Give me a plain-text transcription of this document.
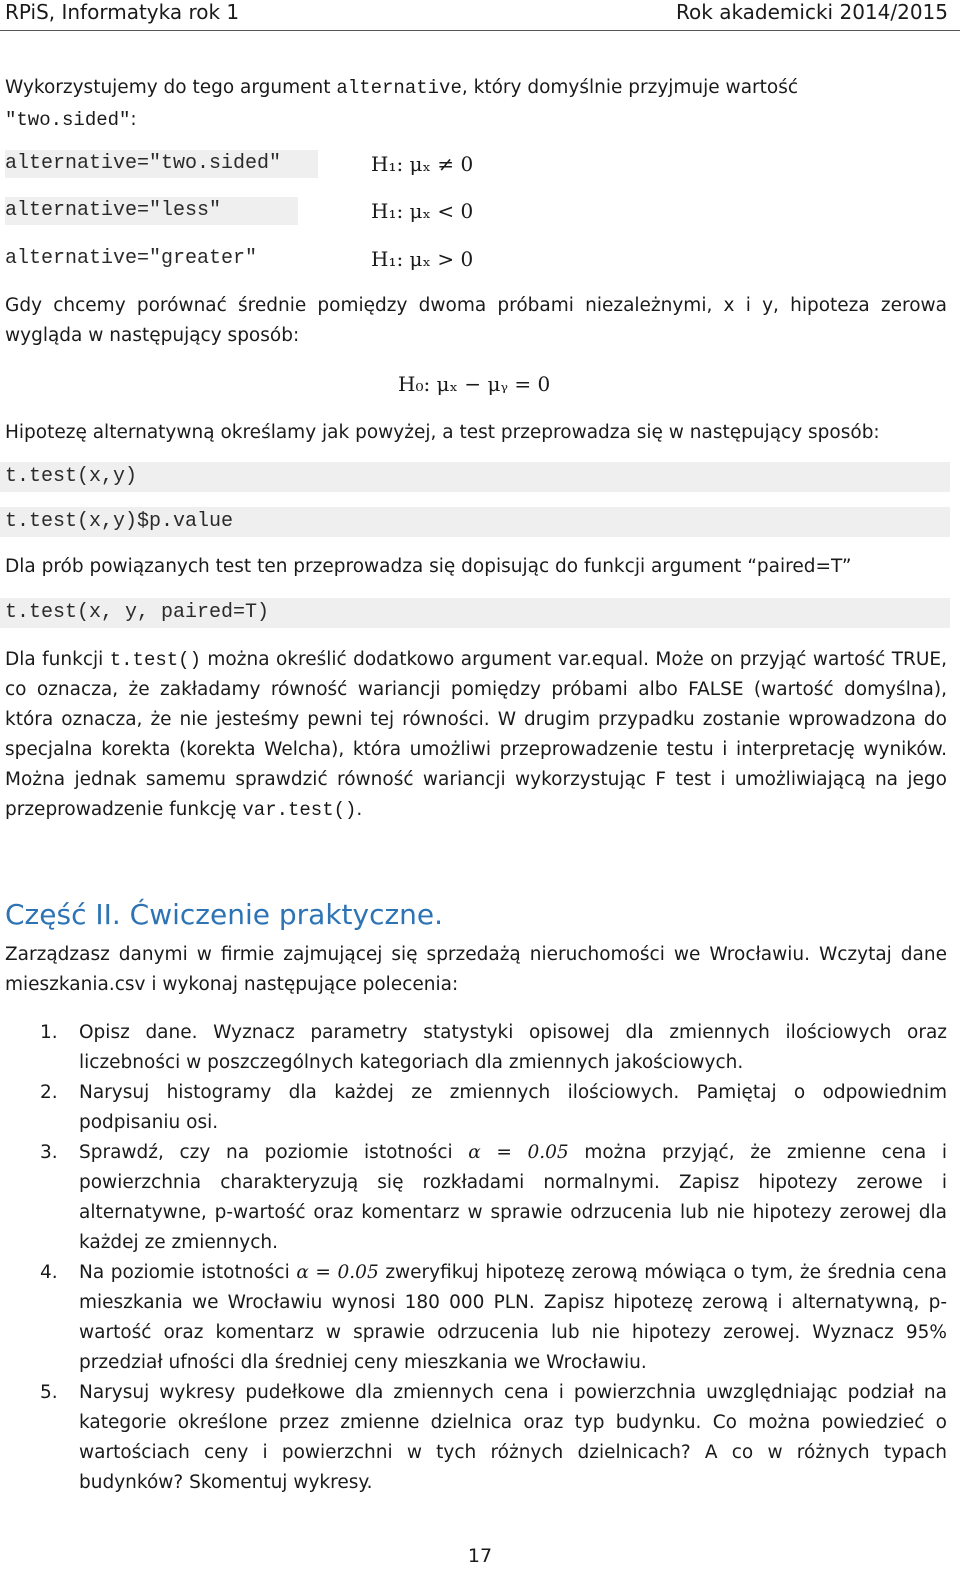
RPiS, Informatyka rok 1	Rok akademicki 2014/2015
Wykorzystujemy do tego argument alternative, który domyślnie przyjmuje wartość
"two.sided":
alternative="two.sided"	H₁: μₓ ≠ 0
alternative="less"	H₁: μₓ < 0
alternative="greater"	H₁: μₓ > 0
Gdy chcemy porównać średnie pomiędzy dwoma próbami niezależnymi, x i y, hipoteza zerowa wygląda w następujący sposób:
H₀: μₓ − μᵧ = 0
Hipotezę alternatywną określamy jak powyżej, a test przeprowadza się w następujący sposób:
t.test(x,y)
t.test(x,y)$p.value
Dla prób powiązanych test ten przeprowadza się dopisując do funkcji argument “paired=T”
t.test(x, y, paired=T)
Dla funkcji t.test() można określić dodatkowo argument var.equal. Może on przyjąć wartość TRUE, co oznacza, że zakładamy równość wariancji pomiędzy próbami albo FALSE (wartość domyślna), która oznacza, że nie jesteśmy pewni tej równości. W drugim przypadku zostanie wprowadzona do specjalna korekta (korekta Welcha), która umożliwi przeprowadzenie testu i interpretację wyników. Można jednak samemu sprawdzić równość wariancji wykorzystując F test i umożliwiającą na jego przeprowadzenie funkcję var.test().
Część II. Ćwiczenie praktyczne.
Zarządzasz danymi w firmie zajmującej się sprzedażą nieruchomości we Wrocławiu. Wczytaj dane mieszkania.csv i wykonaj następujące polecenia:
1. Opisz dane. Wyznacz parametry statystyki opisowej dla zmiennych ilościowych oraz liczebności w poszczególnych kategoriach dla zmiennych jakościowych.
2. Narysuj histogramy dla każdej ze zmiennych ilościowych. Pamiętaj o odpowiednim podpisaniu osi.
3. Sprawdź, czy na poziomie istotności α = 0.05 można przyjąć, że zmienne cena i powierzchnia charakteryzują się rozkładami normalnymi. Zapisz hipotezy zerowe i alternatywne, p-wartość oraz komentarz w sprawie odrzucenia lub nie hipotezy zerowej dla każdej ze zmiennych.
4. Na poziomie istotności α = 0.05 zweryfikuj hipotezę zerową mówiąca o tym, że średnia cena mieszkania we Wrocławiu wynosi 180 000 PLN. Zapisz hipotezę zerową i alternatywną, p-wartość oraz komentarz w sprawie odrzucenia lub nie hipotezy zerowej. Wyznacz 95% przedział ufności dla średniej ceny mieszkania we Wrocławiu.
5. Narysuj wykresy pudełkowe dla zmiennych cena i powierzchnia uwzględniając podział na kategorie określone przez zmienne dzielnica oraz typ budynku. Co można powiedzieć o wartościach ceny i powierzchni w tych różnych dzielnicach? A co w różnych typach budynków? Skomentuj wykresy.
17
